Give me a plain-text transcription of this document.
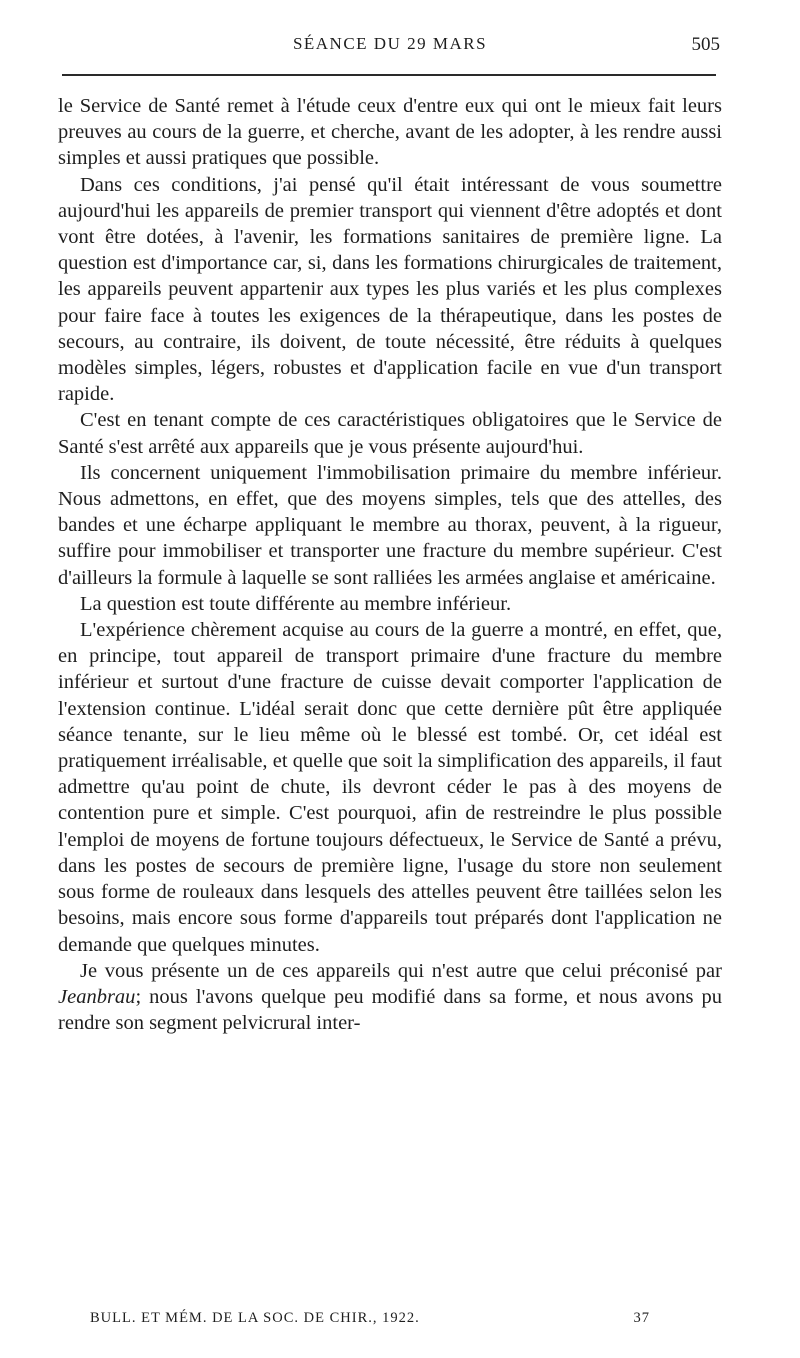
SÉANCE DU 29 MARS	505

le Service de Santé remet à l'étude ceux d'entre eux qui ont le mieux fait leurs preuves au cours de la guerre, et cherche, avant de les adopter, à les rendre aussi simples et aussi pratiques que possible.

Dans ces conditions, j'ai pensé qu'il était intéressant de vous soumettre aujourd'hui les appareils de premier transport qui viennent d'être adoptés et dont vont être dotées, à l'avenir, les formations sanitaires de première ligne. La question est d'importance car, si, dans les formations chirurgicales de traitement, les appareils peuvent appartenir aux types les plus variés et les plus complexes pour faire face à toutes les exigences de la thérapeutique, dans les postes de secours, au contraire, ils doivent, de toute nécessité, être réduits à quelques modèles simples, légers, robustes et d'application facile en vue d'un transport rapide.

C'est en tenant compte de ces caractéristiques obligatoires que le Service de Santé s'est arrêté aux appareils que je vous présente aujourd'hui.

Ils concernent uniquement l'immobilisation primaire du membre inférieur. Nous admettons, en effet, que des moyens simples, tels que des attelles, des bandes et une écharpe appliquant le membre au thorax, peuvent, à la rigueur, suffire pour immobiliser et transporter une fracture du membre supérieur. C'est d'ailleurs la formule à laquelle se sont ralliées les armées anglaise et américaine.

La question est toute différente au membre inférieur.

L'expérience chèrement acquise au cours de la guerre a montré, en effet, que, en principe, tout appareil de transport primaire d'une fracture du membre inférieur et surtout d'une fracture de cuisse devait comporter l'application de l'extension continue. L'idéal serait donc que cette dernière pût être appliquée séance tenante, sur le lieu même où le blessé est tombé. Or, cet idéal est pratiquement irréalisable, et quelle que soit la simplification des appareils, il faut admettre qu'au point de chute, ils devront céder le pas à des moyens de contention pure et simple. C'est pourquoi, afin de restreindre le plus possible l'emploi de moyens de fortune toujours défectueux, le Service de Santé a prévu, dans les postes de secours de première ligne, l'usage du store non seulement sous forme de rouleaux dans lesquels des attelles peuvent être taillées selon les besoins, mais encore sous forme d'appareils tout préparés dont l'application ne demande que quelques minutes.

Je vous présente un de ces appareils qui n'est autre que celui préconisé par Jeanbrau; nous l'avons quelque peu modifié dans sa forme, et nous avons pu rendre son segment pelvicrural inter-

BULL. ET MÉM. DE LA SOC. DE CHIR., 1922.	37
